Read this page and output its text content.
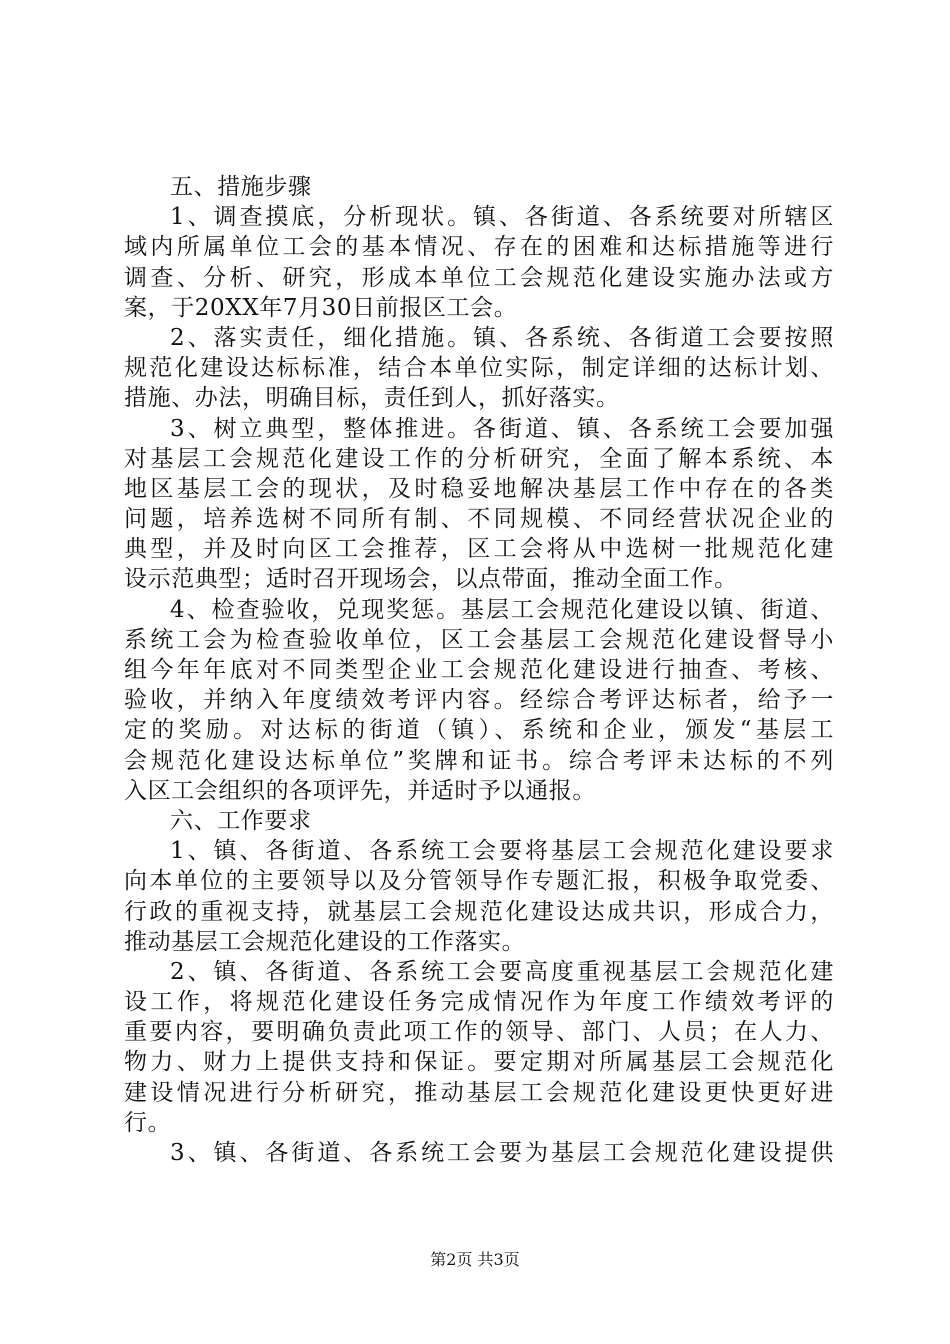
五、措施步骤
1、调查摸底，分析现状。镇、各街道、各系统要对所辖区
域内所属单位工会的基本情况、存在的困难和达标措施等进行
调查、分析、研究，形成本单位工会规范化建设实施办法或方
案，于20XX年7月30日前报区工会。
2、落实责任，细化措施。镇、各系统、各街道工会要按照
规范化建设达标标准，结合本单位实际，制定详细的达标计划、
措施、办法，明确目标，责任到人，抓好落实。
3、树立典型，整体推进。各街道、镇、各系统工会要加强
对基层工会规范化建设工作的分析研究，全面了解本系统、本
地区基层工会的现状，及时稳妥地解决基层工作中存在的各类
问题，培养选树不同所有制、不同规模、不同经营状况企业的
典型，并及时向区工会推荐，区工会将从中选树一批规范化建
设示范典型；适时召开现场会，以点带面，推动全面工作。
4、检查验收，兑现奖惩。基层工会规范化建设以镇、街道、
系统工会为检查验收单位，区工会基层工会规范化建设督导小
组今年年底对不同类型企业工会规范化建设进行抽查、考核、
验收，并纳入年度绩效考评内容。经综合考评达标者，给予一
定的奖励。对达标的街道（镇）、系统和企业，颁发“基层工
会规范化建设达标单位”奖牌和证书。综合考评未达标的不列
入区工会组织的各项评先，并适时予以通报。
六、工作要求
1、镇、各街道、各系统工会要将基层工会规范化建设要求
向本单位的主要领导以及分管领导作专题汇报，积极争取党委、
行政的重视支持，就基层工会规范化建设达成共识，形成合力，
推动基层工会规范化建设的工作落实。
2、镇、各街道、各系统工会要高度重视基层工会规范化建
设工作，将规范化建设任务完成情况作为年度工作绩效考评的
重要内容，要明确负责此项工作的领导、部门、人员；在人力、
物力、财力上提供支持和保证。要定期对所属基层工会规范化
建设情况进行分析研究，推动基层工会规范化建设更快更好进
行。
3、镇、各街道、各系统工会要为基层工会规范化建设提供
第2页 共3页
